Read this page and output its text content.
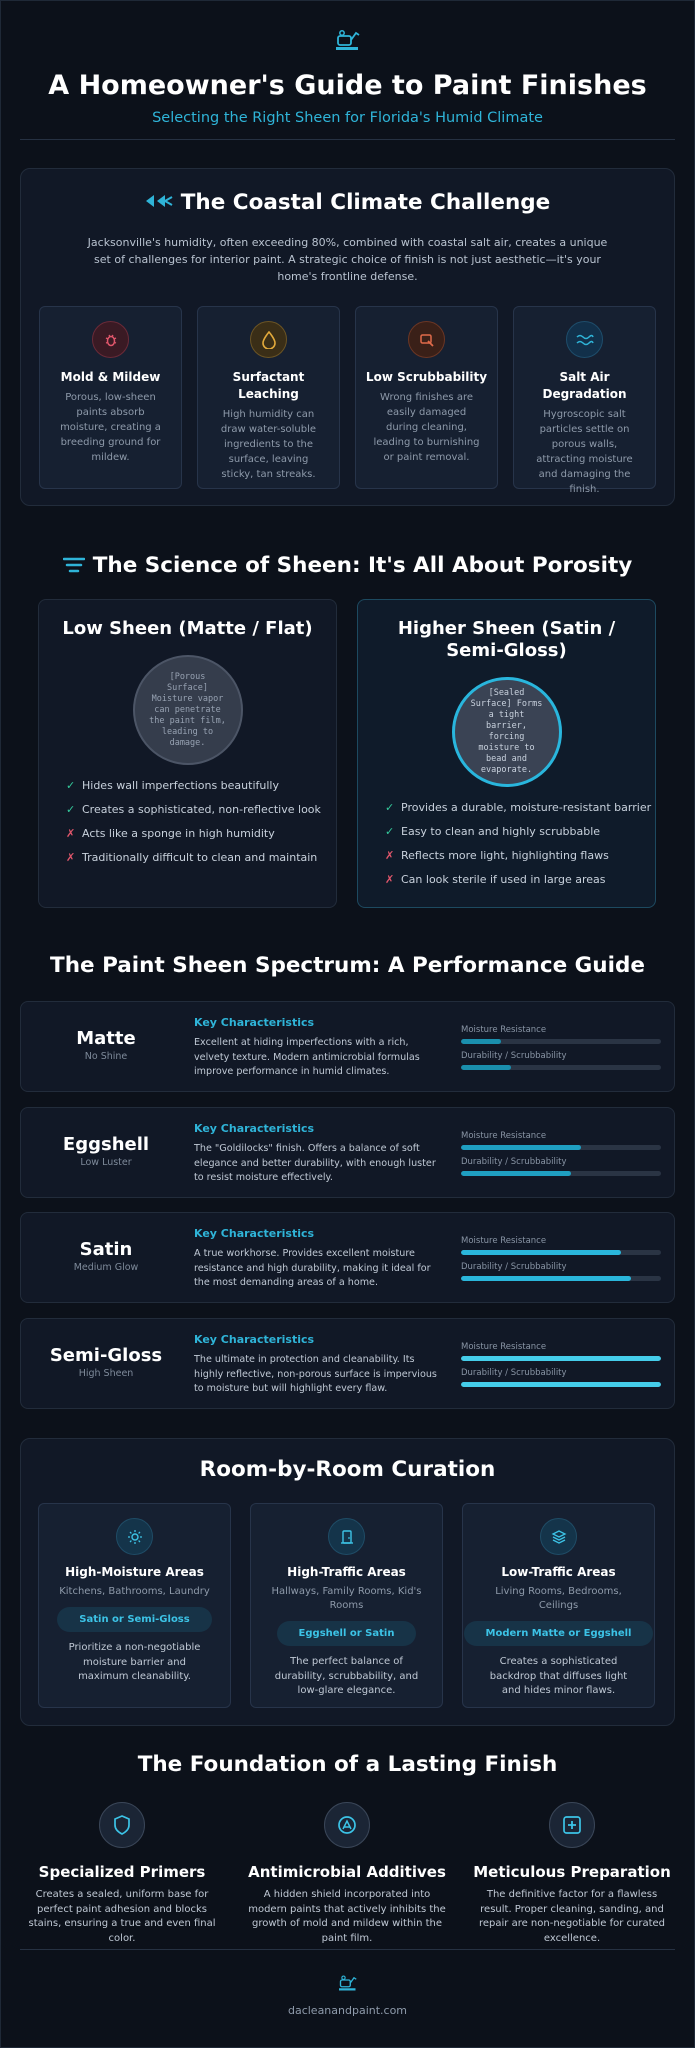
A Homeowner's Guide to Paint Finishes
Selecting the Right Sheen for Florida's Humid Climate
The Coastal Climate Challenge
Jacksonville's humidity, often exceeding 80%, combined with coastal salt air, creates a unique set of challenges for interior paint. A strategic choice of finish is not just aesthetic—it's your home's frontline defense.
Mold & Mildew
Porous, low-sheen paints absorb moisture, creating a breeding ground for mildew.
Surfactant Leaching
High humidity can draw water-soluble ingredients to the surface, leaving sticky, tan streaks.
Low Scrubbability
Wrong finishes are easily damaged during cleaning, leading to burnishing or paint removal.
Salt Air Degradation
Hygroscopic salt particles settle on porous walls, attracting moisture and damaging the finish.
The Science of Sheen: It's All About Porosity
Low Sheen (Matte / Flat)
[Porous Surface] Moisture vapor can penetrate the paint film, leading to damage.
✓ Hides wall imperfections beautifully
✓ Creates a sophisticated, non-reflective look
✗ Acts like a sponge in high humidity
✗ Traditionally difficult to clean and maintain
Higher Sheen (Satin / Semi-Gloss)
[Sealed Surface] Forms a tight barrier, forcing moisture to bead and evaporate.
✓ Provides a durable, moisture-resistant barrier
✓ Easy to clean and highly scrubbable
✗ Reflects more light, highlighting flaws
✗ Can look sterile if used in large areas
The Paint Sheen Spectrum: A Performance Guide
Matte
No Shine
Key Characteristics
Excellent at hiding imperfections with a rich, velvety texture. Modern antimicrobial formulas improve performance in humid climates.
Moisture Resistance
Durability / Scrubbability
Eggshell
Low Luster
Key Characteristics
The "Goldilocks" finish. Offers a balance of soft elegance and better durability, with enough luster to resist moisture effectively.
Moisture Resistance
Durability / Scrubbability
Satin
Medium Glow
Key Characteristics
A true workhorse. Provides excellent moisture resistance and high durability, making it ideal for the most demanding areas of a home.
Moisture Resistance
Durability / Scrubbability
Semi-Gloss
High Sheen
Key Characteristics
The ultimate in protection and cleanability. Its highly reflective, non-porous surface is impervious to moisture but will highlight every flaw.
Moisture Resistance
Durability / Scrubbability
Room-by-Room Curation
High-Moisture Areas
Kitchens, Bathrooms, Laundry
Satin or Semi-Gloss
Prioritize a non-negotiable moisture barrier and maximum cleanability.
High-Traffic Areas
Hallways, Family Rooms, Kid's Rooms
Eggshell or Satin
The perfect balance of durability, scrubbability, and low-glare elegance.
Low-Traffic Areas
Living Rooms, Bedrooms, Ceilings
Modern Matte or Eggshell
Creates a sophisticated backdrop that diffuses light and hides minor flaws.
The Foundation of a Lasting Finish
Specialized Primers
Creates a sealed, uniform base for perfect paint adhesion and blocks stains, ensuring a true and even final color.
Antimicrobial Additives
A hidden shield incorporated into modern paints that actively inhibits the growth of mold and mildew within the paint film.
Meticulous Preparation
The definitive factor for a flawless result. Proper cleaning, sanding, and repair are non-negotiable for curated excellence.
dacleanandpaint.com
